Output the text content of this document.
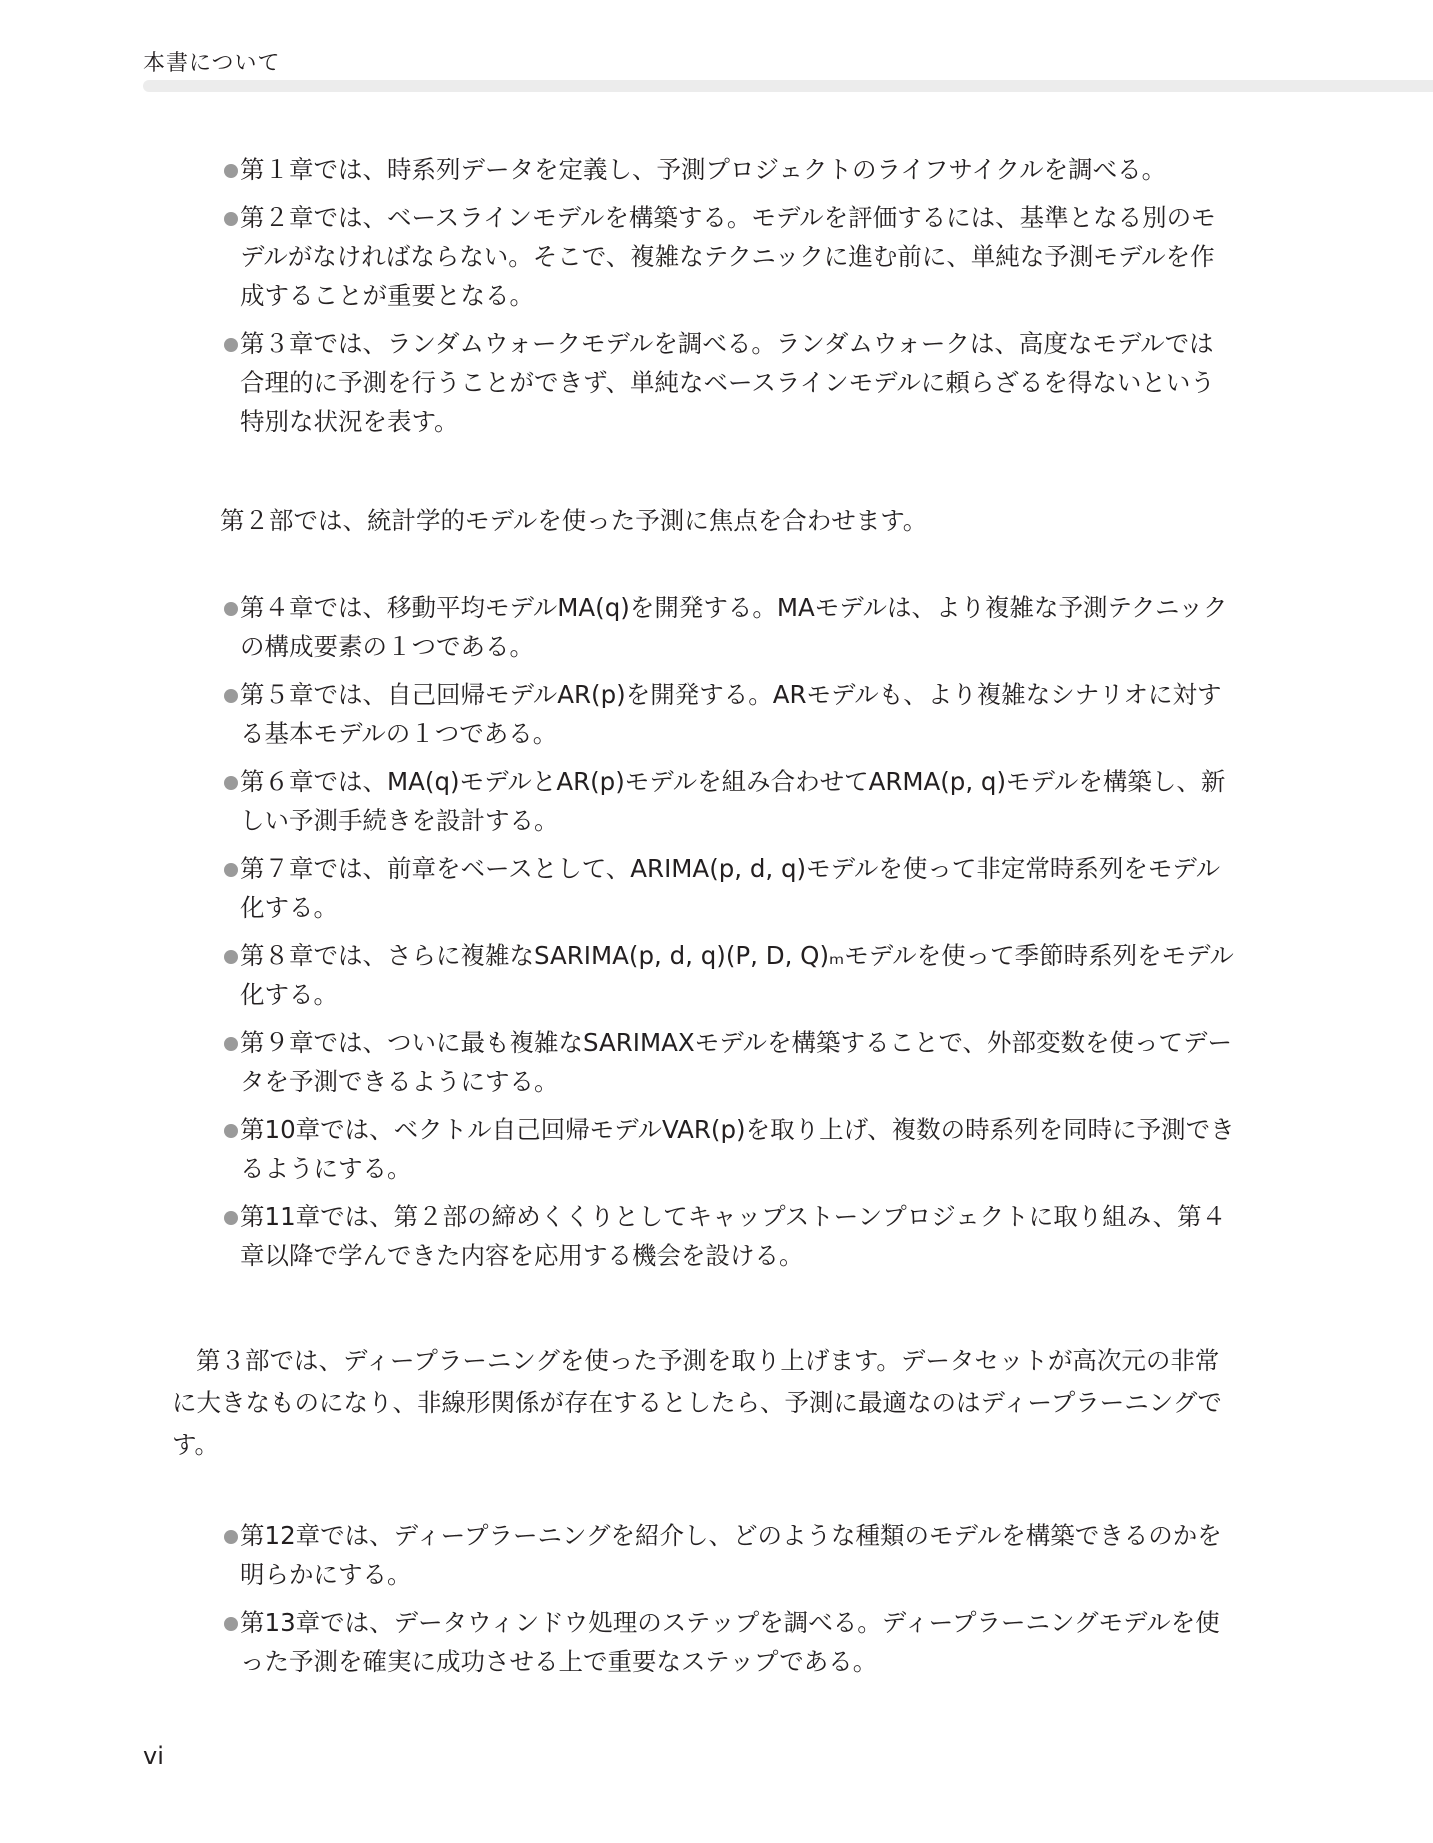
本書について
第１章では、時系列データを定義し、予測プロジェクトのライフサイクルを調べる。
第２章では、ベースラインモデルを構築する。モデルを評価するには、基準となる別のモデルがなければならない。そこで、複雑なテクニックに進む前に、単純な予測モデルを作成することが重要となる。
第３章では、ランダムウォークモデルを調べる。ランダムウォークは、高度なモデルでは合理的に予測を行うことができず、単純なベースラインモデルに頼らざるを得ないという特別な状況を表す。

第２部では、統計学的モデルを使った予測に焦点を合わせます。

第４章では、移動平均モデルMA(q)を開発する。MAモデルは、より複雑な予測テクニックの構成要素の１つである。
第５章では、自己回帰モデルAR(p)を開発する。ARモデルも、より複雑なシナリオに対する基本モデルの１つである。
第６章では、MA(q)モデルとAR(p)モデルを組み合わせてARMA(p, q)モデルを構築し、新しい予測手続きを設計する。
第７章では、前章をベースとして、ARIMA(p, d, q)モデルを使って非定常時系列をモデル化する。
第８章では、さらに複雑なSARIMA(p, d, q)(P, D, Q)ₘモデルを使って季節時系列をモデル化する。
第９章では、ついに最も複雑なSARIMAXモデルを構築することで、外部変数を使ってデータを予測できるようにする。
第10章では、ベクトル自己回帰モデルVAR(p)を取り上げ、複数の時系列を同時に予測できるようにする。
第11章では、第２部の締めくくりとしてキャップストーンプロジェクトに取り組み、第４章以降で学んできた内容を応用する機会を設ける。

第３部では、ディープラーニングを使った予測を取り上げます。データセットが高次元の非常に大きなものになり、非線形関係が存在するとしたら、予測に最適なのはディープラーニングです。

第12章では、ディープラーニングを紹介し、どのような種類のモデルを構築できるのかを明らかにする。
第13章では、データウィンドウ処理のステップを調べる。ディープラーニングモデルを使った予測を確実に成功させる上で重要なステップである。
vi
